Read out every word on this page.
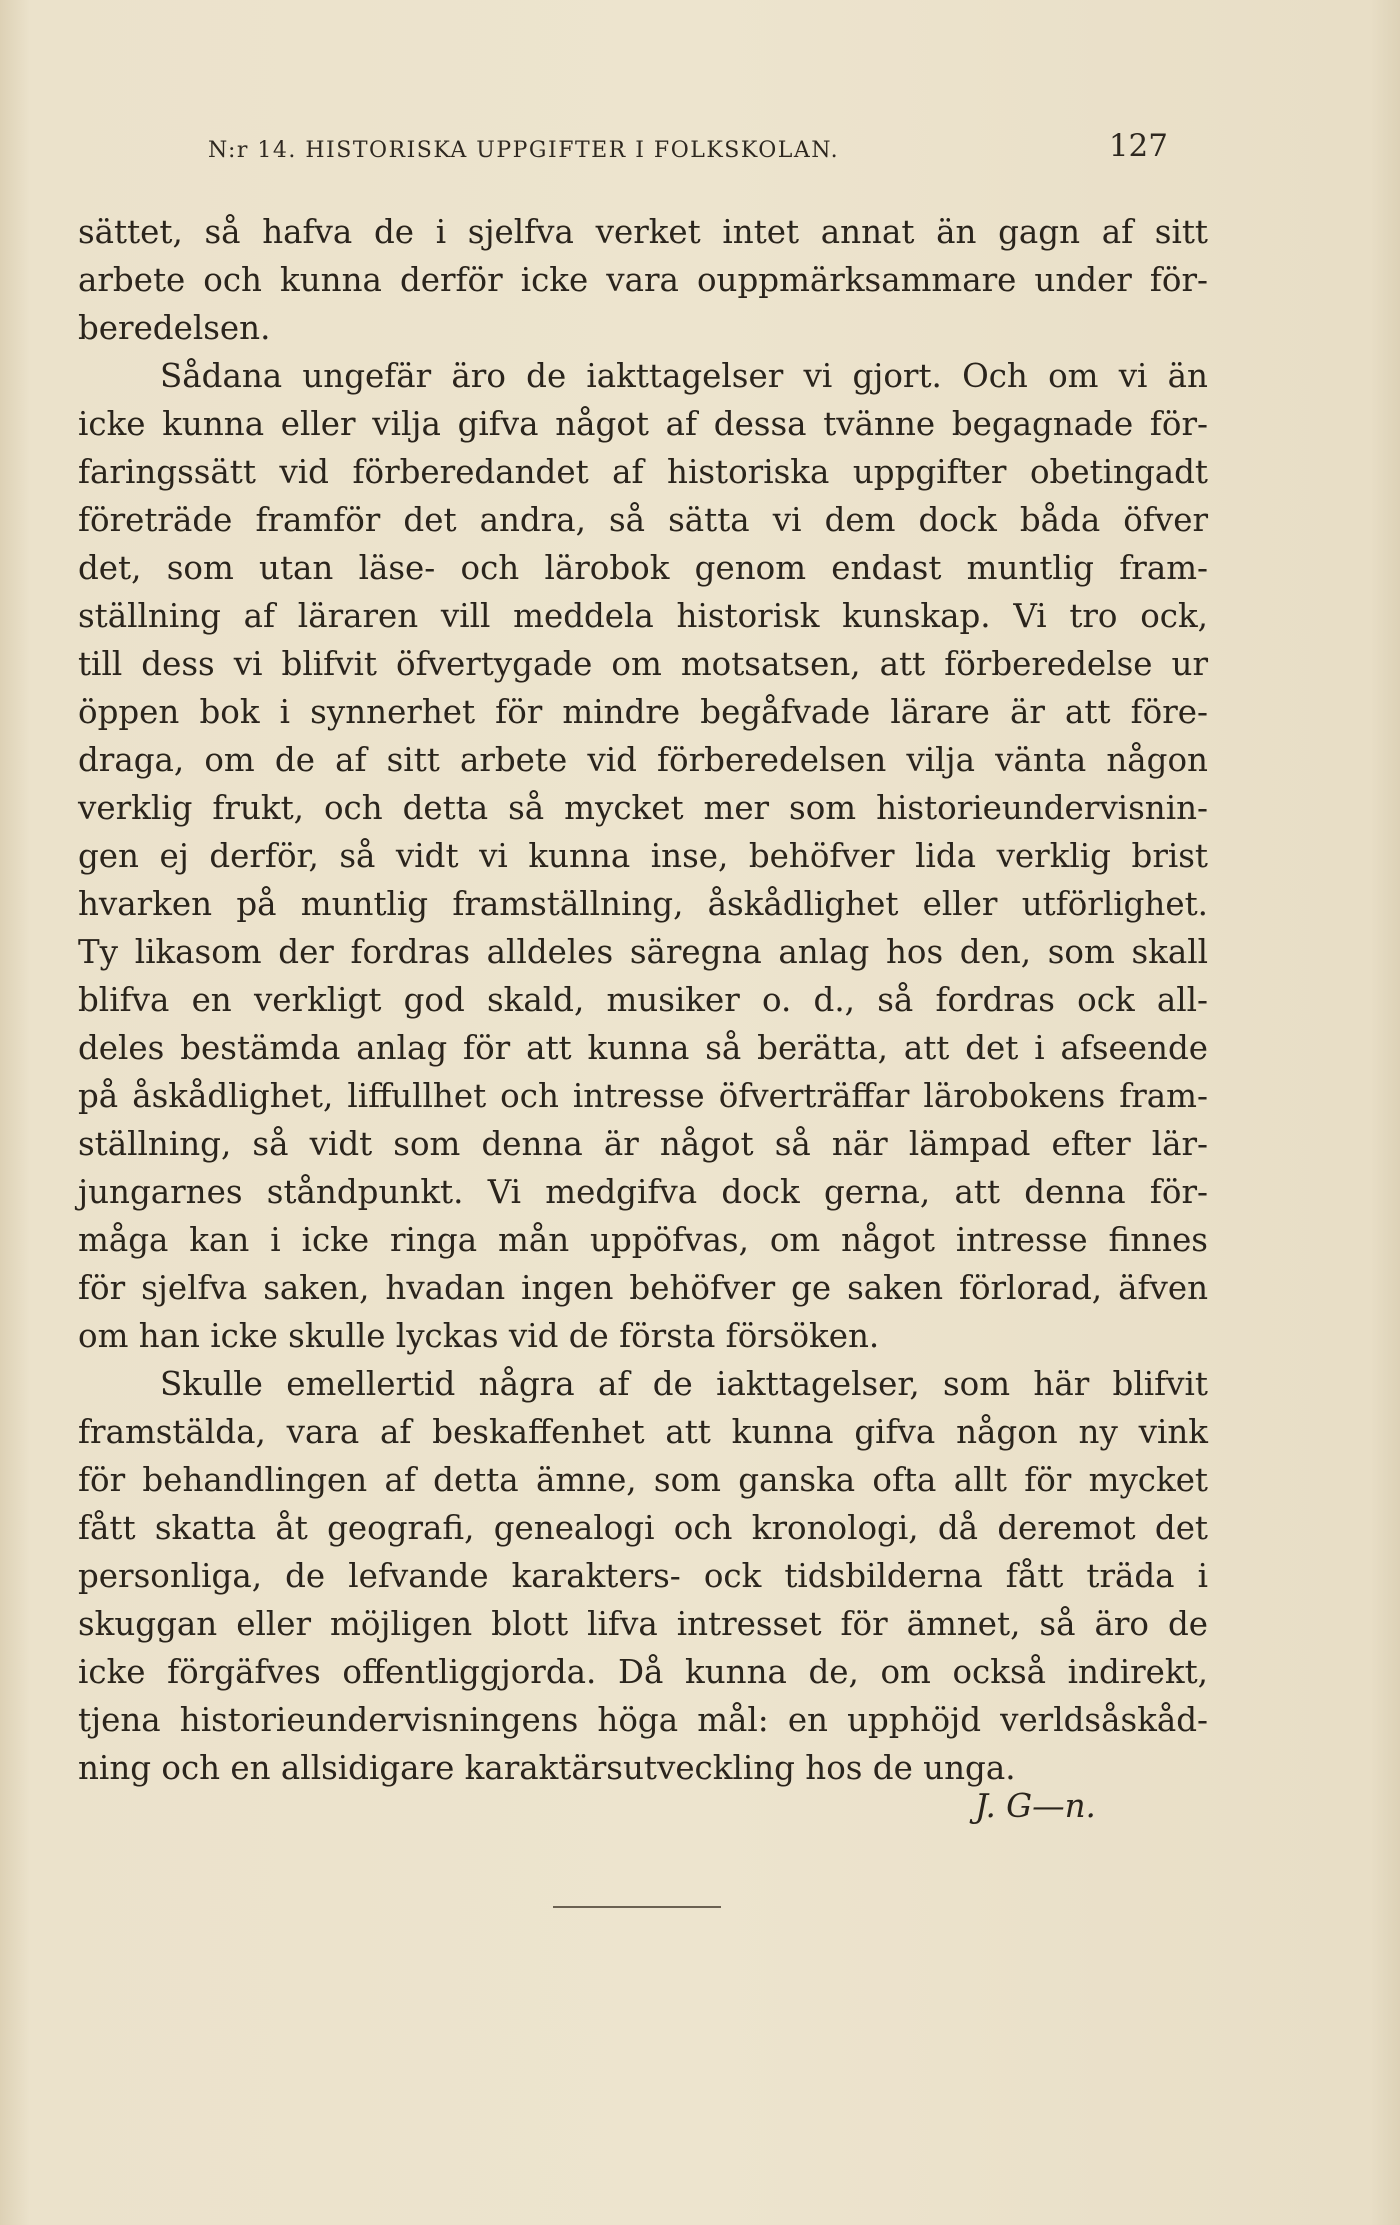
N:r 14. HISTORISKA UPPGIFTER I FOLKSKOLAN.	127
sättet, så hafva de i sjelfva verket intet annat än gagn af sitt
arbete och kunna derför icke vara ouppmärksammare under för-
beredelsen.
Sådana ungefär äro de iakttagelser vi gjort. Och om vi än
icke kunna eller vilja gifva något af dessa tvänne begagnade för-
faringssätt vid förberedandet af historiska uppgifter obetingadt
företräde framför det andra, så sätta vi dem dock båda öfver
det, som utan läse- och lärobok genom endast muntlig fram-
ställning af läraren vill meddela historisk kunskap. Vi tro ock,
till dess vi blifvit öfvertygade om motsatsen, att förberedelse ur
öppen bok i synnerhet för mindre begåfvade lärare är att före-
draga, om de af sitt arbete vid förberedelsen vilja vänta någon
verklig frukt, och detta så mycket mer som historieundervisnin-
gen ej derför, så vidt vi kunna inse, behöfver lida verklig brist
hvarken på muntlig framställning, åskådlighet eller utförlighet.
Ty likasom der fordras alldeles säregna anlag hos den, som skall
blifva en verkligt god skald, musiker o. d., så fordras ock all-
deles bestämda anlag för att kunna så berätta, att det i afseende
på åskådlighet, liffullhet och intresse öfverträffar lärobokens fram-
ställning, så vidt som denna är något så när lämpad efter lär-
jungarnes ståndpunkt. Vi medgifva dock gerna, att denna för-
måga kan i icke ringa mån uppöfvas, om något intresse finnes
för sjelfva saken, hvadan ingen behöfver ge saken förlorad, äfven
om han icke skulle lyckas vid de första försöken.
Skulle emellertid några af de iakttagelser, som här blifvit
framstälda, vara af beskaffenhet att kunna gifva någon ny vink
för behandlingen af detta ämne, som ganska ofta allt för mycket
fått skatta åt geografi, genealogi och kronologi, då deremot det
personliga, de lefvande karakters- ock tidsbilderna fått träda i
skuggan eller möjligen blott lifva intresset för ämnet, så äro de
icke förgäfves offentliggjorda. Då kunna de, om också indirekt,
tjena historieundervisningens höga mål: en upphöjd verldsåskåd-
ning och en allsidigare karaktärsutveckling hos de unga.
J. G—n.
